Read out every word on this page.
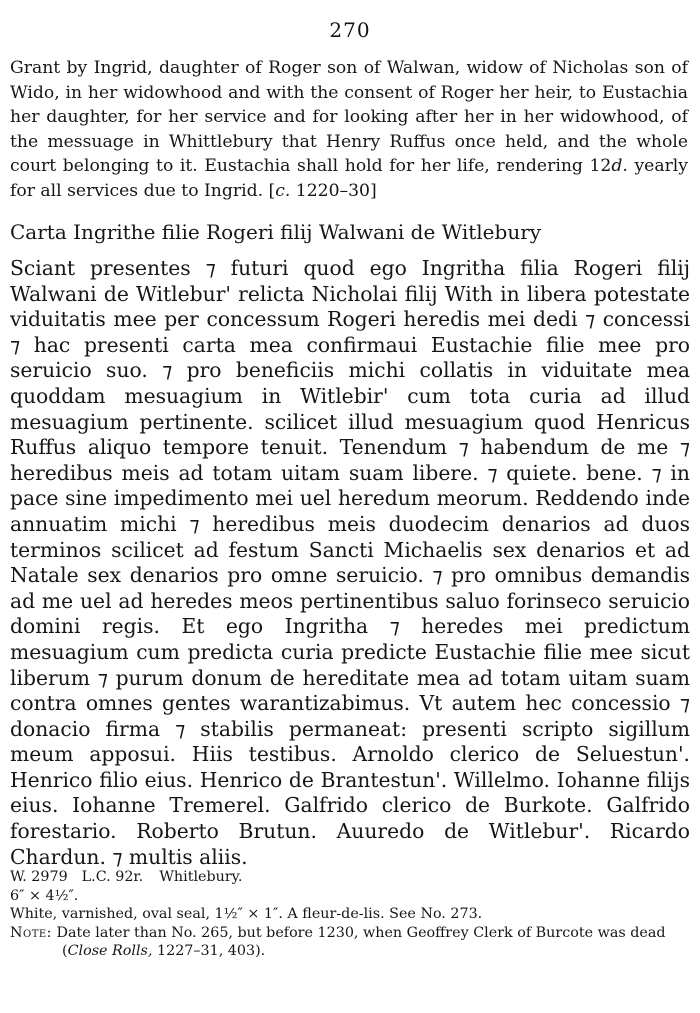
270

Grant by Ingrid, daughter of Roger son of Walwan, widow of Nicholas son of Wido, in her widowhood and with the consent of Roger her heir, to Eustachia her daughter, for her service and for looking after her in her widowhood, of the messuage in Whittlebury that Henry Ruffus once held, and the whole court belonging to it. Eustachia shall hold for her life, rendering 12d. yearly for all services due to Ingrid. [c. 1220–30]

Carta Ingrithe filie Rogeri filij Walwani de Witlebury

Sciant presentes ⁊ futuri quod ego Ingritha filia Rogeri filij Walwani de Witlebur' relicta Nicholai filij With in libera potestate viduitatis mee per concessum Rogeri heredis mei dedi ⁊ concessi ⁊ hac presenti carta mea confirmaui Eustachie filie mee pro seruicio suo. ⁊ pro beneficiis michi collatis in viduitate mea quoddam mesuagium in Witlebir' cum tota curia ad illud mesuagium pertinente. scilicet illud mesuagium quod Henricus Ruffus aliquo tempore tenuit. Tenendum ⁊ habendum de me ⁊ heredibus meis ad totam uitam suam libere. ⁊ quiete. bene. ⁊ in pace sine impedimento mei uel heredum meorum. Reddendo inde annuatim michi ⁊ heredibus meis duodecim denarios ad duos terminos scilicet ad festum Sancti Michaelis sex denarios et ad Natale sex denarios pro omne seruicio. ⁊ pro omnibus demandis ad me uel ad heredes meos pertinentibus saluo forinseco seruicio domini regis. Et ego Ingritha ⁊ heredes mei predictum mesuagium cum predicta curia predicte Eustachie filie mee sicut liberum ⁊ purum donum de hereditate mea ad totam uitam suam contra omnes gentes warantizabimus. Vt autem hec concessio ⁊ donacio firma ⁊ stabilis permaneat: presenti scripto sigillum meum apposui. Hiis testibus. Arnoldo clerico de Seluestun'. Henrico filio eius. Henrico de Brantestun'. Willelmo. Iohanne filijs eius. Iohanne Tremerel. Galfrido clerico de Burkote. Galfrido forestario. Roberto Brutun. Auuredo de Witlebur'. Ricardo Chardun. ⁊ multis aliis.

W. 2979 L.C. 92r. Whitlebury.
6″ × 4½″.
White, varnished, oval seal, 1½″ × 1″. A fleur-de-lis. See No. 273.
Note: Date later than No. 265, but before 1230, when Geoffrey Clerk of Burcote was dead
(Close Rolls, 1227–31, 403).
